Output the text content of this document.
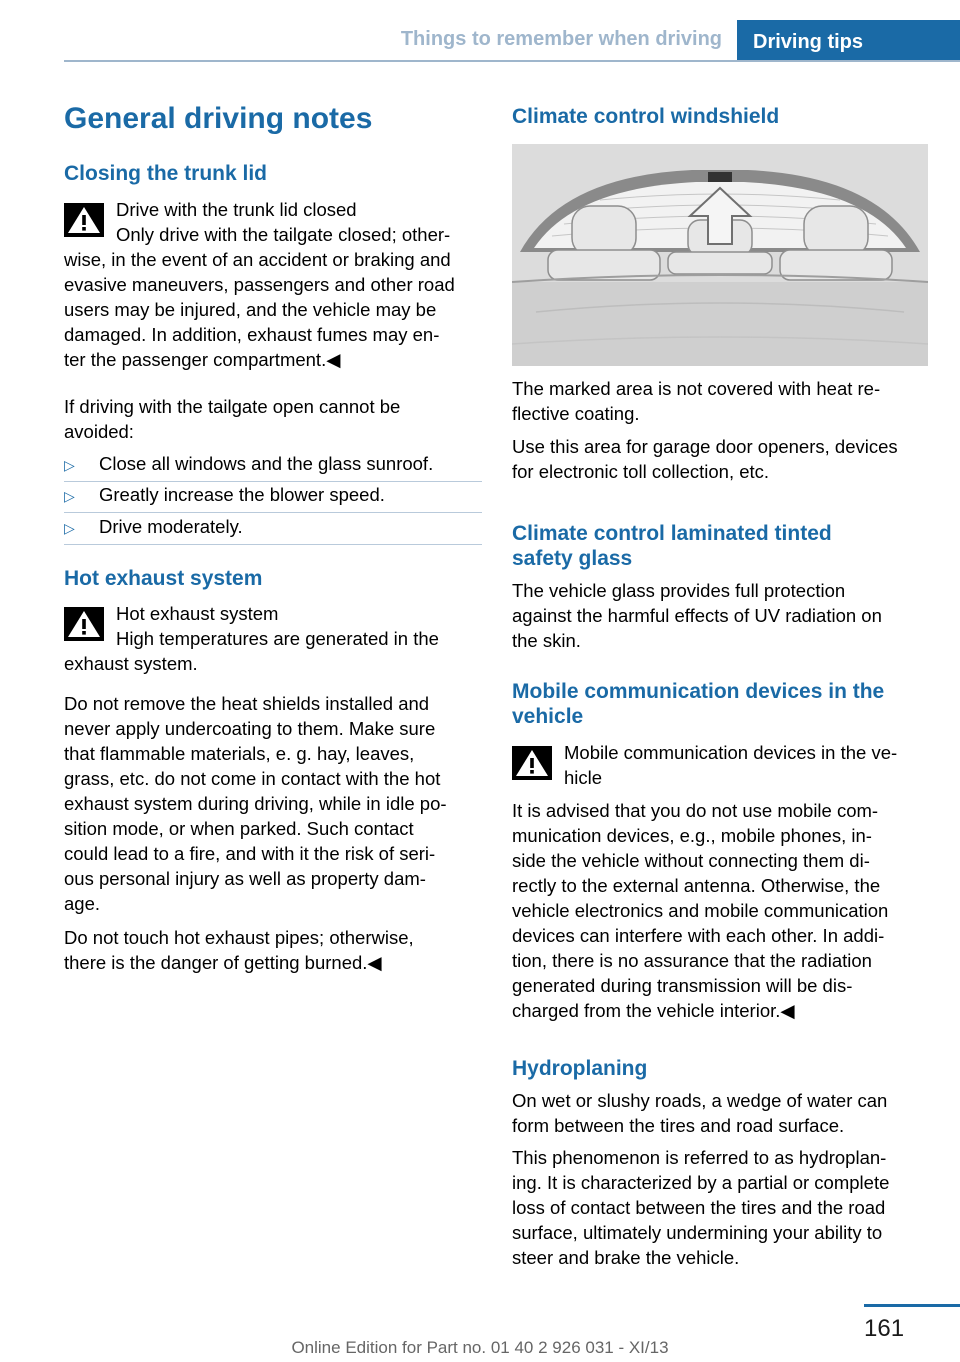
Things to remember when driving	Driving tips
General driving notes
Closing the trunk lid
Drive with the trunk lid closed
Only drive with the tailgate closed; other-
wise, in the event of an accident or braking and
evasive maneuvers, passengers and other road
users may be injured, and the vehicle may be
damaged. In addition, exhaust fumes may en-
ter the passenger compartment.◀
If driving with the tailgate open cannot be
avoided:
▷ Close all windows and the glass sunroof.
▷ Greatly increase the blower speed.
▷ Drive moderately.
Hot exhaust system
Hot exhaust system
High temperatures are generated in the
exhaust system.
Do not remove the heat shields installed and
never apply undercoating to them. Make sure
that flammable materials, e. g. hay, leaves,
grass, etc. do not come in contact with the hot
exhaust system during driving, while in idle po-
sition mode, or when parked. Such contact
could lead to a fire, and with it the risk of seri-
ous personal injury as well as property dam-
age.
Do not touch hot exhaust pipes; otherwise,
there is the danger of getting burned.◀
Climate control windshield
The marked area is not covered with heat re-
flective coating.
Use this area for garage door openers, devices
for electronic toll collection, etc.
Climate control laminated tinted
safety glass
The vehicle glass provides full protection
against the harmful effects of UV radiation on
the skin.
Mobile communication devices in the
vehicle
Mobile communication devices in the ve-
hicle
It is advised that you do not use mobile com-
munication devices, e.g., mobile phones, in-
side the vehicle without connecting them di-
rectly to the external antenna. Otherwise, the
vehicle electronics and mobile communication
devices can interfere with each other. In addi-
tion, there is no assurance that the radiation
generated during transmission will be dis-
charged from the vehicle interior.◀
Hydroplaning
On wet or slushy roads, a wedge of water can
form between the tires and road surface.
This phenomenon is referred to as hydroplan-
ing. It is characterized by a partial or complete
loss of contact between the tires and the road
surface, ultimately undermining your ability to
steer and brake the vehicle.
161
Online Edition for Part no. 01 40 2 926 031 - XI/13
